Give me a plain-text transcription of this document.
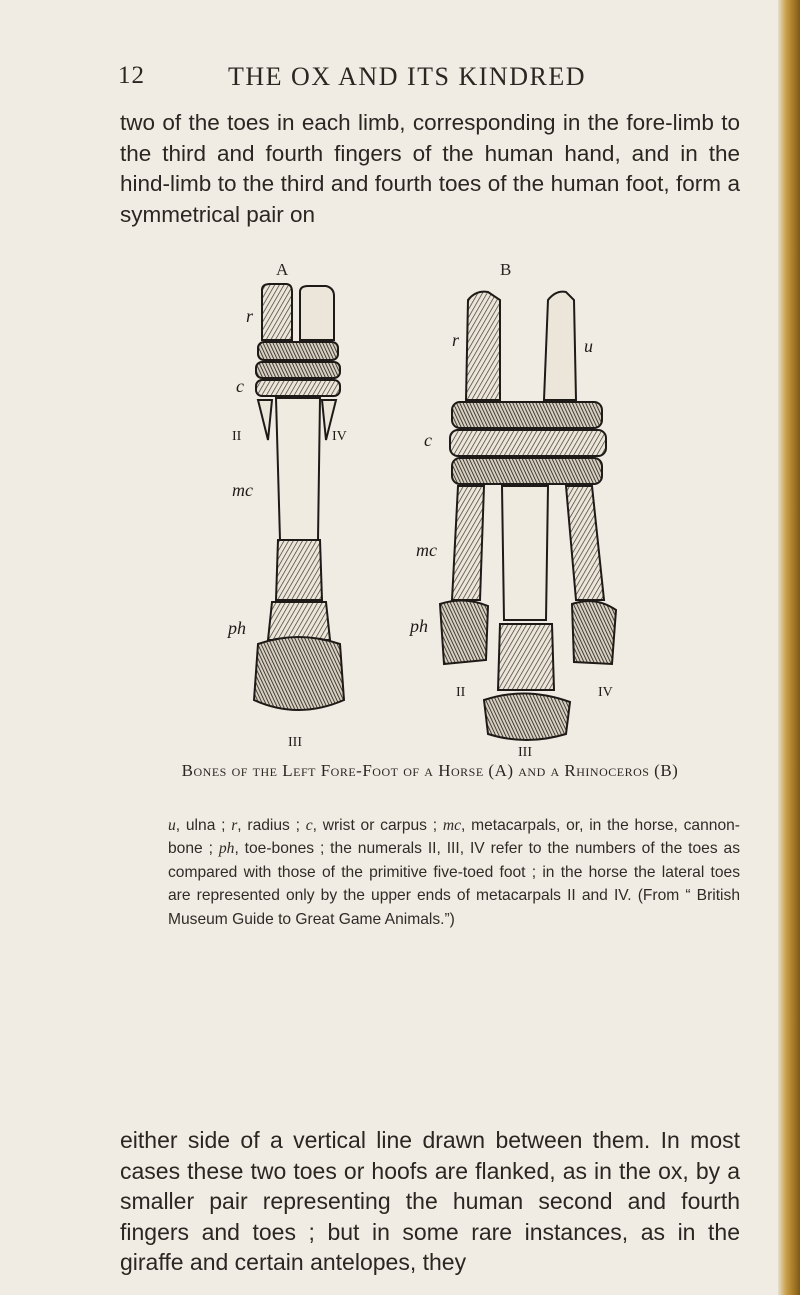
12	THE OX AND ITS KINDRED

two of the toes in each limb, corresponding in the fore-limb to the third and fourth fingers of the human hand, and in the hind-limb to the third and fourth toes of the human foot, form a symmetrical pair on

A	B
r
c
II	IV
mc
ph
III
r	u
c
mc
ph
II	IV
III

Bones of the Left Fore-Foot of a Horse (A) and a Rhinoceros (B)

u, ulna ; r, radius ; c, wrist or carpus ; mc, metacarpals, or, in the horse, cannon-bone ; ph, toe-bones ; the numerals II, III, IV refer to the numbers of the toes as compared with those of the primitive five-toed foot ; in the horse the lateral toes are represented only by the upper ends of metacarpals II and IV. (From “ British Museum Guide to Great Game Animals.”)

either side of a vertical line drawn between them. In most cases these two toes or hoofs are flanked, as in the ox, by a smaller pair representing the human second and fourth fingers and toes ; but in some rare instances, as in the giraffe and certain antelopes, they
